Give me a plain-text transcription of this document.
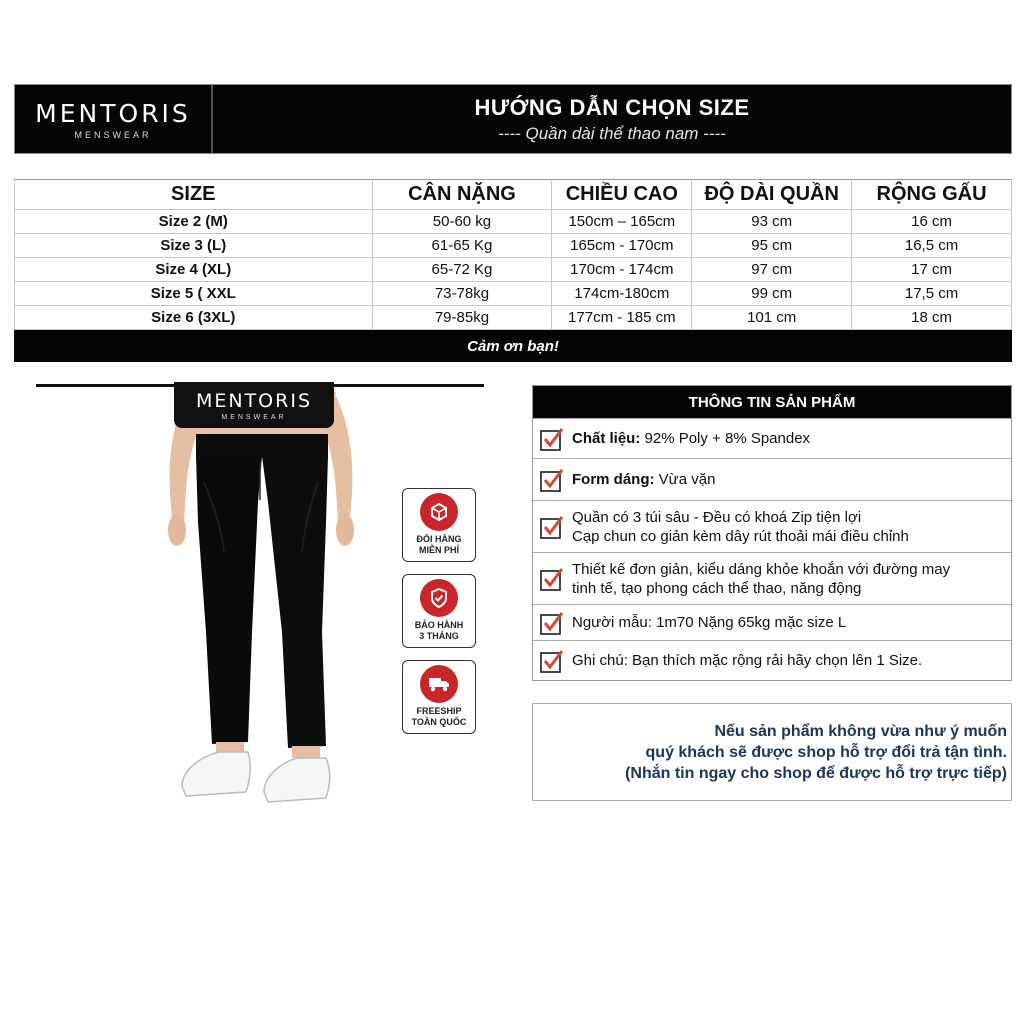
MENTORIS
MENSWEAR
HƯỚNG DẪN CHỌN SIZE
---- Quần dài thể thao nam ----
SIZE	CÂN NẶNG	CHIỀU CAO	ĐỘ DÀI QUẦN	RỘNG GẤU
Size 2 (M)	50-60 kg	150cm – 165cm	93 cm	16 cm
Size 3 (L)	61-65 Kg	165cm - 170cm	95 cm	16,5 cm
Size 4 (XL)	65-72 Kg	170cm - 174cm	97 cm	17 cm
Size 5 ( XXL	73-78kg	174cm-180cm	99 cm	17,5 cm
Size 6 (3XL)	79-85kg	177cm - 185 cm	101 cm	18 cm
Cảm ơn bạn!
MENTORIS
MENSWEAR
ĐỔI HÀNG
MIỄN PHÍ
BẢO HÀNH
3 THÁNG
FREESHIP
TOÀN QUỐC
THÔNG TIN SẢN PHẨM
Chất liệu: 92% Poly + 8% Spandex
Form dáng: Vừa vặn
Quần có 3 túi sâu - Đều có khoá Zip tiện lợi
Cạp chun co giản kèm dây rút thoải mái điều chỉnh
Thiết kế đơn giản, kiểu dáng khỏe khoắn với đường may
tinh tế, tạo phong cách thể thao, năng động
Người mẫu: 1m70 Nặng 65kg mặc size L
Ghi chú: Bạn thích mặc rộng rải hãy chọn lên 1 Size.
Nếu sản phẩm không vừa như ý muốn
quý khách sẽ được shop hỗ trợ đổi trả tận tình.
(Nhắn tin ngay cho shop để được hỗ trợ trực tiếp)
